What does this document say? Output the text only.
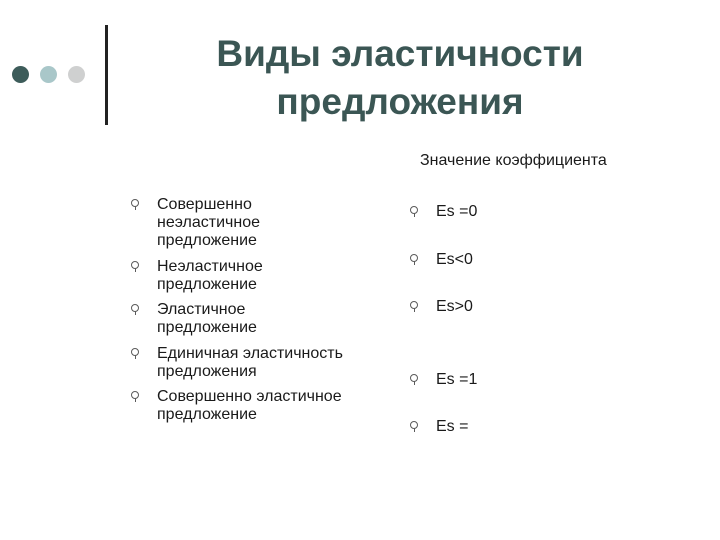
Виды эластичности
предложения
Значение коэффициента
Совершенно
неэластичное
предложение
Неэластичное
предложение
Эластичное
предложение
Единичная эластичность
предложения
Совершенно эластичное
предложение
Es =0
Es<0
Es>0
Es =1
Es =
